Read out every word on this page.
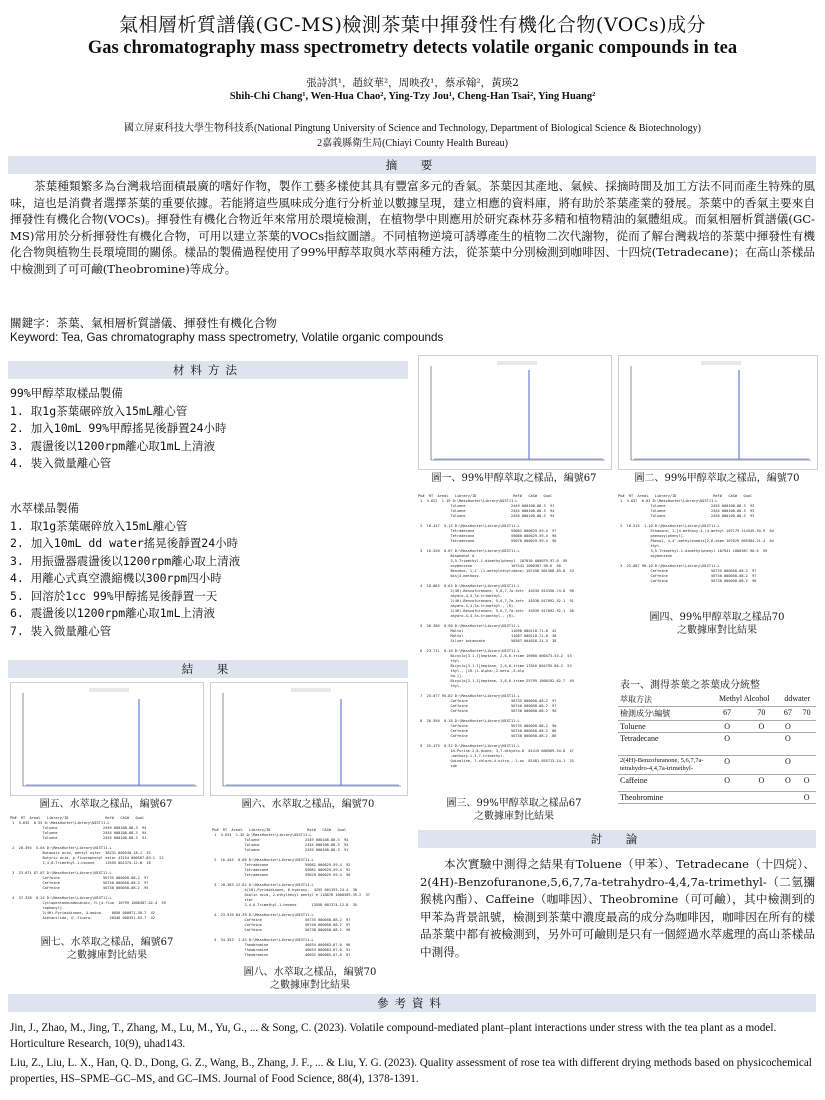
氣相層析質譜儀(GC-MS)檢測茶葉中揮發性有機化合物(VOCs)成分
Gas chromatography mass spectrometry detects volatile organic compounds in tea
張詩淇¹，趙紋華²，周映孜¹，蔡承翰²，黃瑛2
Shih-Chi Chang¹, Wen-Hua Chao², Ying-Tzy Jou¹, Cheng-Han Tsai², Ying Huang²
國立屏東科技大學生物科技系(National Pingtung University of Science and Technology, Department of Biological Science & Biotechnology)
2嘉義縣衛生局(Chiayi County Health Bureau)
摘　要
茶葉種類繁多為台灣栽培面積最廣的嗜好作物，製作工藝多樣使其具有豐富多元的香氣。茶葉因其產地、氣候、採摘時間及加工方法不同而產生特殊的風味，這也是消費者選擇茶葉的重要依據。若能將這些風味成分進行分析並以數據呈現，建立相應的資料庫，將有助於茶葉產業的發展。茶葉中的香氣主要來自揮發性有機化合物(VOCs)。揮發性有機化合物近年來常用於環境檢測，在植物學中則應用於研究森林芬多精和植物精油的氣體組成。而氣相層析質譜儀(GC-MS)常用於分析揮發性有機化合物，可用以建立茶葉的VOCs指紋圖譜。不同植物逆境可誘導產生的植物二次代謝物，從而了解台灣栽培的茶葉中揮發性有機化合物與植物生長環境間的關係。樣品的製備過程使用了99%甲醇萃取與水萃兩種方法，從茶葉中分別檢測到咖啡因、十四烷(Tetradecane)；在高山茶樣品中檢測到了可可鹼(Theobromine)等成分。
關鍵字：茶葉、氣相層析質譜儀、揮發性有機化合物
Keyword: Tea, Gas chromatography mass spectrometry, Volatile organic compounds
材料方法
99%甲醇萃取樣品製備
1. 取1g茶葉碾碎放入15mL離心管
2. 加入10mL 99%甲醇搖晃後靜置24小時
3. 震盪後以1200rpm離心取1mL上清液
4. 裝入微量離心管
水萃樣品製備
1. 取1g茶葉碾碎放入15mL離心管
2. 加入10mL dd water搖晃後靜置24小時
3. 用振盪器震盪後以1200rpm離心取上清液
4. 用離心式真空濃縮機以300rpm四小時
5. 回溶於1cc 99%甲醇搖晃後靜置一天
6. 震盪後以1200rpm離心取1mL上清液
7. 裝入微量離心管
結　果
圖一、99%甲醇萃取之樣品，編號67	圖二、99%甲醇萃取之樣品，編號70
Pk#  RT  Area%   Library/ID                 Ref#   CAS#   Qual
1  3.622  1.19 D:\MassHunter\Library\NIST11.L
Toluene                     2449 000108-88-3  91
Toluene                     2454 000108-88-3  94
Toluene                     2456 000108-88-3  94

2  16.447  9.15 D:\MassHunter\Library\NIST11.L
Tetradecane                 59082 000629-59-4  97
Tetradecane                 59080 000629-59-4  96
Tetradecane                 59078 000629-59-4  96

3  16.520  0.67 D:\MassHunter\Library\NIST11.L
Bisphenol A
3,5-Trimethyl-1-dimethylphenyl  107030 000079-97-0  59
oxybenzene                  107541 1000387-90-6  58
Benzene, 1,1'-(1-methylethylidene) 107458 001568-83-8  53
bis[4-methoxy-

4  18.883  0.63 D:\MassHunter\Library\NIST11.L
2(4H)-Benzofuranone, 5,6,7,7a-tetr  45535 015356-74-8  90
ahydro-4,4,7a-trimethyl-
2(4H)-Benzofuranone, 5,6,7,7a-tetr  45538 017092-92-1  91
ahydro-4,4,7a-trimethyl-, (R)-
2(4H)-Benzofuranone, 5,6,7,7a-tetr  45539 017092-92-1  50
ahydro-4,4,7a-trimethyl-, (R)-

5  20.386  0.96 D:\MassHunter\Library\NIST11.L
Maltol                      11090 000118-71-8  42
Maltol                      11087 000118-71-8  38
Silver butanoate            56567 004828-21-4  38

6  23.711  0.18 D:\MassHunter\Library\NIST11.L
Bicyclo[3.1.1]heptane, 2,6,6-trime 16960 000473-55-2  53
thyl-
Bicyclo[3.1.1]heptane, 2,6,6-trime 17016 004795-86-2  53
thyl-, [1R-(1.alpha.,2.beta.,5.alp
ha.)]-
Bicyclo[3.1.1]heptane, 2,6,6-trime 25799 1000192-62-7  49
thyl-

7  25.077 95.82 D:\MassHunter\Library\NIST11.L
Caffeine                    56735 000058-08-2  97
Caffeine                    56740 000058-08-2  97
Caffeine                    56738 000058-08-2  96

8  26.550  0.18 D:\MassHunter\Library\NIST11.L
Caffeine                    56735 000058-08-2  90
Caffeine                    56740 000058-08-2  86
Caffeine                    56738 000058-08-2  86

9  25.479  0.32 D:\MassHunter\Library\NIST11.L
1H-Purine-2,6-dione, 3,7-dihydro-8  81419 000569-34-8  47
-methoxy-1,3,7-trimethyl-
Quinoline, 7-chloro-4-nitro-, 1-ox  81481 055713-14-1  25
ide
圖三、99%甲醇萃取之樣品67
之數據庫對比結果
Pk#  RT  Area%   Library/ID                 Ref#   CAS#   Qual
1  3.637  0.81 D:\MassHunter\Library\NIST11.L
Toluene                     2455 000108-88-3  93
Toluene                     2454 000108-88-3  93
Toluene                     2456 000108-88-3  93

2  16.515  1.10 D:\MassHunter\Library\NIST11.L
Ethanone, 1-[4-methoxy-3-(4-methyl 107179 114545-94-9  64
phenoxy)phenyl]-
Phenol, 4,4'-methylenebis[2,6-dime 107629 005384-21-4  64
thyl-
3,5-Trimethyl-1-dimethylphenyl 107541 1000387-90-6  59
oxybenzene

3  25.087 98.10 D:\MassHunter\Library\NIST11.L
Caffeine                    56735 000058-08-2  97
Caffeine                    56740 000058-08-2  97
Caffeine                    56738 000058-08-2  96
圖四、99%甲醇萃取之樣品70
之數據庫對比結果
表一、測得茶葉之茶葉成分統整
萃取方法	Methyl Alcohol		ddwater	
檢測成分\編號	67	70	67	70
Toluene	O	O	O	
Tetradecane	O		O	
2(4H)-Benzofuranone, 5,6,7,7a-tetrahydro-4,4,7a-trimethyl-	O		O	
Caffeine	O	O	O	O
Theobromine				O
圖五、水萃取之樣品，編號67	圖六、水萃取之樣品，編號70
Pk#  RT  Area%   Library/ID                 Ref#   CAS#   Qual
1  3.635  0.55 D:\MassHunter\Library\NIST11.L
Toluene                     2449 000108-88-3  94
Toluene                     2454 000108-88-3  94
Toluene                     2455 000108-88-3  91

2  20.394  5.04 D:\MassHunter\Library\NIST11.L
Butanoic acid, pentyl ester  38231 000540-18-1  35
Butyric acid, p-fluorophenyl ester 43154 000567-89-1  22
2,4,6-Trimethyl-1-hexene     13555 001374-12-8  18

3  23.071 87.07 D:\MassHunter\Library\NIST11.L
Caffeine                    56735 000058-08-2  97
Caffeine                    56740 000058-08-2  97
Caffeine                    56738 000058-08-2  95

4  37.328  0.14 D:\MassHunter\Library\NIST11.L
Cyclopentaneundecanoic, H-[4-fluo  16799 1000387-02-4  59
rophenyl]-
2(4H)-Pyrimidinone, 4-amino-    6056 000071-30-7  42
Acetanilide, 4'-fluoro-        20346 000351-83-7  42
圖七、水萃取之樣品，編號67
之數據庫對比結果
Pk#  RT  Area%   Library/ID                 Ref#   CAS#   Qual
1  3.633  1.35 D:\MassHunter\Library\NIST11.L
Toluene                     2449 000108-88-3  94
Toluene                     2454 000108-88-3  94
Toluene                     2455 000108-88-3  91

2  16.445  0.66 D:\MassHunter\Library\NIST11.L
Tetradecane                 59082 000629-59-4  92
Tetradecane                 59081 000629-59-4  92
Tetradecane                 59029 000629-59-4  90

3  20.383 12.82 D:\MassHunter\Library\NIST11.L
4(1H)-Pyrimidinone, 6-hydroxy-  4255 001193-24-4  38
Oxalic acid, 2-ethylhexyl pentyl e 118878 1000309-39-2  37
ster
2,4,6-Trimethyl-1-hexene       13558 001374-12-8  35

4  23.916 84.39 D:\MassHunter\Library\NIST11.L
Caffeine                    56735 000058-08-2  97
Caffeine                    56740 000058-08-2  97
Caffeine                    56738 000058-08-2  96

5  34.353  1.45 D:\MassHunter\Library\NIST11.L
Theobromine                 46034 000083-67-0  96
Theobromine                 46033 000083-67-0  91
Theobromine                 46032 000083-67-0  87
圖八、水萃取之樣品，編號70
之數據庫對比結果
討　論
本次實驗中測得之結果有Toluene（甲苯）、Tetradecane（十四烷）、2(4H)-Benzofuranone,5,6,7,7a-tetrahydro-4,4,7a-trimethyl-（二氫獼猴桃內酯）、Caffeine（咖啡因）、Theobromine（可可鹼），其中檢測到的甲苯為背景訊號，檢測到茶葉中濃度最高的成分為咖啡因，咖啡因在所有的樣品茶葉中都有被檢測到，另外可可鹼則是只有一個經過水萃處理的高山茶樣品中測得。
參考資料

Jin, J., Zhao, M., Jing, T., Zhang, M., Lu, M., Yu, G., ... & Song, C. (2023). Volatile compound-mediated plant–plant interactions under stress with the tea plant as a model. Horticulture Research, 10(9), uhad143.

Liu, Z., Liu, L. X., Han, Q. D., Dong, G. Z., Wang, B., Zhang, J. F., ... & Liu, Y. G. (2023). Quality assessment of rose tea with different drying methods based on physicochemical properties, HS–SPME–GC–MS, and GC–IMS. Journal of Food Science, 88(4), 1378-1391.
